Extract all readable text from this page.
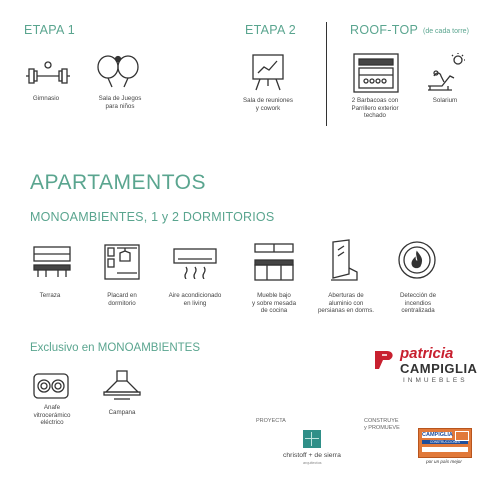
ETAPA 1	ETAPA 2	ROOF-TOP (de cada torre)
Gimnasio	Sala de Juegos
para niños
Sala de reuniones
y cowork
2 Barbacoas con
Parrillero exterior
techado
Solarium
APARTAMENTOS
MONOAMBIENTES, 1 y 2 DORMITORIOS
Terraza	Placard en
dormitorio
Aire acondicionado
en living
Mueble bajo
y sobre mesada
de cocina
Aberturas de
aluminio con
persianas en dorms.
Detección de
incendios
centralizada
Exclusivo en MONOAMBIENTES
Anafe
vitrocerámico
eléctrico
Campana
patricia
CAMPIGLIA
INMUEBLES
PROYECTA
christoff + de sierra
arquitectos
CONSTRUYE
y PROMUEVE
CAMPIGLIA
CONSTRUCCIONES
por un país mejor
